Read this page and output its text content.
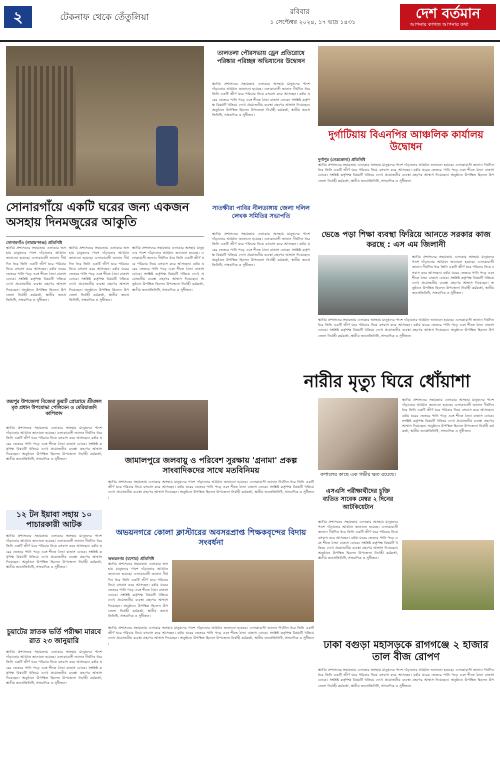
২	টেকনাফ থেকে তেঁতুলিয়া
রবিবার
১ সেপ্টেম্বর ২০২৪, ১৭ ভাদ্র ১৪৩১
দেশ বর্তমান
আপনার কাগজ আপনার কথা
সোনারগাঁয়ে একটি ঘরের জন্য একজন অসহায় দিনমজুরের আকুতি
সোনারগাঁও (নারায়ণগঞ্জ) প্রতিনিধি
স্থানীয় প্রশাসনের সহায়তায় এলাকার অসহায় মানুষদের পাশে দাঁড়ানোর আহ্বান জানানো হয়েছে। এলাকাবাসী জানান দীর্ঘদিন ধরে তিনি একটি জীর্ণ ঘরে পরিবার নিয়ে বসবাস করে আসছেন। বর্ষায় ঘরের ভেতরে পানি পড়ে এবং শীতে ঠান্ডা বাতাস ঢোকে। সংশ্লিষ্ট কর্তৃপক্ষ বিষয়টি খতিয়ে দেখে প্রয়োজনীয় ব্যবস্থা গ্রহণের আশ্বাস দিয়েছেন। অনুষ্ঠানে উপস্থিত ছিলেন উপজেলা নির্বাহী কর্মকর্তা, স্থানীয় জনপ্রতিনিধি, সাংবাদিক ও সুধীজন।
স্থানীয় প্রশাসনের সহায়তায় এলাকার অসহায় মানুষদের পাশে দাঁড়ানোর আহ্বান জানানো হয়েছে। এলাকাবাসী জানান দীর্ঘদিন ধরে তিনি একটি জীর্ণ ঘরে পরিবার নিয়ে বসবাস করে আসছেন। বর্ষায় ঘরের ভেতরে পানি পড়ে এবং শীতে ঠান্ডা বাতাস ঢোকে। সংশ্লিষ্ট কর্তৃপক্ষ বিষয়টি খতিয়ে দেখে প্রয়োজনীয় ব্যবস্থা গ্রহণের আশ্বাস দিয়েছেন। অনুষ্ঠানে উপস্থিত ছিলেন উপজেলা নির্বাহী কর্মকর্তা, স্থানীয় জনপ্রতিনিধি, সাংবাদিক ও সুধীজন।
স্থানীয় প্রশাসনের সহায়তায় এলাকার অসহায় মানুষদের পাশে দাঁড়ানোর আহ্বান জানানো হয়েছে। এলাকাবাসী জানান দীর্ঘদিন ধরে তিনি একটি জীর্ণ ঘরে পরিবার নিয়ে বসবাস করে আসছেন। বর্ষায় ঘরের ভেতরে পানি পড়ে এবং শীতে ঠান্ডা বাতাস ঢোকে। সংশ্লিষ্ট কর্তৃপক্ষ বিষয়টি খতিয়ে দেখে প্রয়োজনীয় ব্যবস্থা গ্রহণের আশ্বাস দিয়েছেন। অনুষ্ঠানে উপস্থিত ছিলেন উপজেলা নির্বাহী কর্মকর্তা, স্থানীয় জনপ্রতিনিধি, সাংবাদিক ও সুধীজন।
তালতলা পৌরসভায় ড্রেন প্রতিরোধে পরিষ্কার পরিচ্ছন্ন অভিযানের উদ্বোধন
স্থানীয় প্রশাসনের সহায়তায় এলাকার অসহায় মানুষদের পাশে দাঁড়ানোর আহ্বান জানানো হয়েছে। এলাকাবাসী জানান দীর্ঘদিন ধরে তিনি একটি জীর্ণ ঘরে পরিবার নিয়ে বসবাস করে আসছেন। বর্ষায় ঘরের ভেতরে পানি পড়ে এবং শীতে ঠান্ডা বাতাস ঢোকে। সংশ্লিষ্ট কর্তৃপক্ষ বিষয়টি খতিয়ে দেখে প্রয়োজনীয় ব্যবস্থা গ্রহণের আশ্বাস দিয়েছেন। অনুষ্ঠানে উপস্থিত ছিলেন উপজেলা নির্বাহী কর্মকর্তা, স্থানীয় জনপ্রতিনিধি, সাংবাদিক ও সুধীজন।
দুর্গাটিয়ায় বিএনপির আঞ্চলিক কার্যালয় উদ্বোধন
দুর্গাপুর (নেত্রকোনা) প্রতিনিধি
স্থানীয় প্রশাসনের সহায়তায় এলাকার অসহায় মানুষদের পাশে দাঁড়ানোর আহ্বান জানানো হয়েছে। এলাকাবাসী জানান দীর্ঘদিন ধরে তিনি একটি জীর্ণ ঘরে পরিবার নিয়ে বসবাস করে আসছেন। বর্ষায় ঘরের ভেতরে পানি পড়ে এবং শীতে ঠান্ডা বাতাস ঢোকে। সংশ্লিষ্ট কর্তৃপক্ষ বিষয়টি খতিয়ে দেখে প্রয়োজনীয় ব্যবস্থা গ্রহণের আশ্বাস দিয়েছেন। অনুষ্ঠানে উপস্থিত ছিলেন উপজেলা নির্বাহী কর্মকর্তা, স্থানীয় জনপ্রতিনিধি, সাংবাদিক ও সুধীজন।
সাতক্ষীরা পাবির নীলডাঙ্গায় জেলা দলিল লেখক সমিতির সভাপতি
স্থানীয় প্রশাসনের সহায়তায় এলাকার অসহায় মানুষদের পাশে দাঁড়ানোর আহ্বান জানানো হয়েছে। এলাকাবাসী জানান দীর্ঘদিন ধরে তিনি একটি জীর্ণ ঘরে পরিবার নিয়ে বসবাস করে আসছেন। বর্ষায় ঘরের ভেতরে পানি পড়ে এবং শীতে ঠান্ডা বাতাস ঢোকে। সংশ্লিষ্ট কর্তৃপক্ষ বিষয়টি খতিয়ে দেখে প্রয়োজনীয় ব্যবস্থা গ্রহণের আশ্বাস দিয়েছেন। অনুষ্ঠানে উপস্থিত ছিলেন উপজেলা নির্বাহী কর্মকর্তা, স্থানীয় জনপ্রতিনিধি, সাংবাদিক ও সুধীজন।
ভেঙে পড়া শিক্ষা ব্যবস্থা ফিরিয়ে আনতে সরকার কাজ করছে : এস এম জিলানী
স্থানীয় প্রশাসনের সহায়তায় এলাকার অসহায় মানুষদের পাশে দাঁড়ানোর আহ্বান জানানো হয়েছে। এলাকাবাসী জানান দীর্ঘদিন ধরে তিনি একটি জীর্ণ ঘরে পরিবার নিয়ে বসবাস করে আসছেন। বর্ষায় ঘরের ভেতরে পানি পড়ে এবং শীতে ঠান্ডা বাতাস ঢোকে। সংশ্লিষ্ট কর্তৃপক্ষ বিষয়টি খতিয়ে দেখে প্রয়োজনীয় ব্যবস্থা গ্রহণের আশ্বাস দিয়েছেন। অনুষ্ঠানে উপস্থিত ছিলেন উপজেলা নির্বাহী কর্মকর্তা, স্থানীয় জনপ্রতিনিধি, সাংবাদিক ও সুধীজন।
স্থানীয় প্রশাসনের সহায়তায় এলাকার অসহায় মানুষদের পাশে দাঁড়ানোর আহ্বান জানানো হয়েছে। এলাকাবাসী জানান দীর্ঘদিন ধরে তিনি একটি জীর্ণ ঘরে পরিবার নিয়ে বসবাস করে আসছেন। বর্ষায় ঘরের ভেতরে পানি পড়ে এবং শীতে ঠান্ডা বাতাস ঢোকে। সংশ্লিষ্ট কর্তৃপক্ষ বিষয়টি খতিয়ে দেখে প্রয়োজনীয় ব্যবস্থা গ্রহণের আশ্বাস দিয়েছেন। অনুষ্ঠানে উপস্থিত ছিলেন উপজেলা নির্বাহী কর্মকর্তা, স্থানীয় জনপ্রতিনিধি, সাংবাদিক ও সুধীজন।
নারীর মৃত্যু ঘিরে ধোঁয়াশা
স্থানীয় প্রশাসনের সহায়তায় এলাকার অসহায় মানুষদের পাশে দাঁড়ানোর আহ্বান জানানো হয়েছে। এলাকাবাসী জানান দীর্ঘদিন ধরে তিনি একটি জীর্ণ ঘরে পরিবার নিয়ে বসবাস করে আসছেন। বর্ষায় ঘরের ভেতরে পানি পড়ে এবং শীতে ঠান্ডা বাতাস ঢোকে। সংশ্লিষ্ট কর্তৃপক্ষ বিষয়টি খতিয়ে দেখে প্রয়োজনীয় ব্যবস্থা গ্রহণের আশ্বাস দিয়েছেন। অনুষ্ঠানে উপস্থিত ছিলেন উপজেলা নির্বাহী কর্মকর্তা, স্থানীয় জনপ্রতিনিধি, সাংবাদিক ও সুধীজন।
কপালের কাছে এক গভীর ক্ষত রয়েছে।
জয়পুর উপজেলা বিজেমা ডুয়ার্ট প্রোগ্রামে শ্রীমঙ্গল মৃত প্রধান উপযোদ্ধা পেলিমেন ও মেরিয়াগুদি কাপিতাদ
স্থানীয় প্রশাসনের সহায়তায় এলাকার অসহায় মানুষদের পাশে দাঁড়ানোর আহ্বান জানানো হয়েছে। এলাকাবাসী জানান দীর্ঘদিন ধরে তিনি একটি জীর্ণ ঘরে পরিবার নিয়ে বসবাস করে আসছেন। বর্ষায় ঘরের ভেতরে পানি পড়ে এবং শীতে ঠান্ডা বাতাস ঢোকে। সংশ্লিষ্ট কর্তৃপক্ষ বিষয়টি খতিয়ে দেখে প্রয়োজনীয় ব্যবস্থা গ্রহণের আশ্বাস দিয়েছেন। অনুষ্ঠানে উপস্থিত ছিলেন উপজেলা নির্বাহী কর্মকর্তা, স্থানীয় জনপ্রতিনিধি, সাংবাদিক ও সুধীজন।	জামালপুরে জলবায়ু ও পরিবেশ সুরক্ষায় 'গ্রনামা' প্রকল্প সাংবাদিকদের সাথে মতবিনিময়
স্থানীয় প্রশাসনের সহায়তায় এলাকার অসহায় মানুষদের পাশে দাঁড়ানোর আহ্বান জানানো হয়েছে। এলাকাবাসী জানান দীর্ঘদিন ধরে তিনি একটি জীর্ণ ঘরে পরিবার নিয়ে বসবাস করে আসছেন। বর্ষায় ঘরের ভেতরে পানি পড়ে এবং শীতে ঠান্ডা বাতাস ঢোকে। সংশ্লিষ্ট কর্তৃপক্ষ বিষয়টি খতিয়ে দেখে প্রয়োজনীয় ব্যবস্থা গ্রহণের আশ্বাস দিয়েছেন। অনুষ্ঠানে উপস্থিত ছিলেন উপজেলা নির্বাহী কর্মকর্তা, স্থানীয় জনপ্রতিনিধি, সাংবাদিক ও সুধীজন।
১২ টন ইয়াবা সহায় ১০ পাচারকারী আটক
স্থানীয় প্রশাসনের সহায়তায় এলাকার অসহায় মানুষদের পাশে দাঁড়ানোর আহ্বান জানানো হয়েছে। এলাকাবাসী জানান দীর্ঘদিন ধরে তিনি একটি জীর্ণ ঘরে পরিবার নিয়ে বসবাস করে আসছেন। বর্ষায় ঘরের ভেতরে পানি পড়ে এবং শীতে ঠান্ডা বাতাস ঢোকে। সংশ্লিষ্ট কর্তৃপক্ষ বিষয়টি খতিয়ে দেখে প্রয়োজনীয় ব্যবস্থা গ্রহণের আশ্বাস দিয়েছেন। অনুষ্ঠানে উপস্থিত ছিলেন উপজেলা নির্বাহী কর্মকর্তা, স্থানীয় জনপ্রতিনিধি, সাংবাদিক ও সুধীজন।
অভয়নগরে কোলা ক্লাস্টারের অবসরপ্রাপ্ত শিক্ষকবৃন্দের বিদায় সংবর্ধনা
অভয়নগর (যশোর) প্রতিনিধি
স্থানীয় প্রশাসনের সহায়তায় এলাকার অসহায় মানুষদের পাশে দাঁড়ানোর আহ্বান জানানো হয়েছে। এলাকাবাসী জানান দীর্ঘদিন ধরে তিনি একটি জীর্ণ ঘরে পরিবার নিয়ে বসবাস করে আসছেন। বর্ষায় ঘরের ভেতরে পানি পড়ে এবং শীতে ঠান্ডা বাতাস ঢোকে। সংশ্লিষ্ট কর্তৃপক্ষ বিষয়টি খতিয়ে দেখে প্রয়োজনীয় ব্যবস্থা গ্রহণের আশ্বাস দিয়েছেন। অনুষ্ঠানে উপস্থিত ছিলেন উপজেলা নির্বাহী কর্মকর্তা, স্থানীয় জনপ্রতিনিধি, সাংবাদিক ও সুধীজন।
স্থানীয় প্রশাসনের সহায়তায় এলাকার অসহায় মানুষদের পাশে দাঁড়ানোর আহ্বান জানানো হয়েছে। এলাকাবাসী জানান দীর্ঘদিন ধরে তিনি একটি জীর্ণ ঘরে পরিবার নিয়ে বসবাস করে আসছেন। বর্ষায় ঘরের ভেতরে পানি পড়ে এবং শীতে ঠান্ডা বাতাস ঢোকে। সংশ্লিষ্ট কর্তৃপক্ষ বিষয়টি খতিয়ে দেখে প্রয়োজনীয় ব্যবস্থা গ্রহণের আশ্বাস দিয়েছেন। অনুষ্ঠানে উপস্থিত ছিলেন উপজেলা নির্বাহী কর্মকর্তা, স্থানীয় জনপ্রতিনিধি, সাংবাদিক ও সুধীজন।
চুয়াটের স্নাতক ভর্তি পরীক্ষা মারবে রাত ২৩ জানুয়ারি
স্থানীয় প্রশাসনের সহায়তায় এলাকার অসহায় মানুষদের পাশে দাঁড়ানোর আহ্বান জানানো হয়েছে। এলাকাবাসী জানান দীর্ঘদিন ধরে তিনি একটি জীর্ণ ঘরে পরিবার নিয়ে বসবাস করে আসছেন। বর্ষায় ঘরের ভেতরে পানি পড়ে এবং শীতে ঠান্ডা বাতাস ঢোকে। সংশ্লিষ্ট কর্তৃপক্ষ বিষয়টি খতিয়ে দেখে প্রয়োজনীয় ব্যবস্থা গ্রহণের আশ্বাস দিয়েছেন। অনুষ্ঠানে উপস্থিত ছিলেন উপজেলা নির্বাহী কর্মকর্তা, স্থানীয় জনপ্রতিনিধি, সাংবাদিক ও সুধীজন।
এসএসি পরীক্ষার্থীদের চুক্তি ব্যতিত সাবেক মেম্বর ২ দিনের আটকিয়েটান
স্থানীয় প্রশাসনের সহায়তায় এলাকার অসহায় মানুষদের পাশে দাঁড়ানোর আহ্বান জানানো হয়েছে। এলাকাবাসী জানান দীর্ঘদিন ধরে তিনি একটি জীর্ণ ঘরে পরিবার নিয়ে বসবাস করে আসছেন। বর্ষায় ঘরের ভেতরে পানি পড়ে এবং শীতে ঠান্ডা বাতাস ঢোকে। সংশ্লিষ্ট কর্তৃপক্ষ বিষয়টি খতিয়ে দেখে প্রয়োজনীয় ব্যবস্থা গ্রহণের আশ্বাস দিয়েছেন। অনুষ্ঠানে উপস্থিত ছিলেন উপজেলা নির্বাহী কর্মকর্তা, স্থানীয় জনপ্রতিনিধি, সাংবাদিক ও সুধীজন।
ঢাকা বগুড়া মহাসড়কে রাগগঞ্জে ২ হাজার তাল বীজ রোপণ
স্থানীয় প্রশাসনের সহায়তায় এলাকার অসহায় মানুষদের পাশে দাঁড়ানোর আহ্বান জানানো হয়েছে। এলাকাবাসী জানান দীর্ঘদিন ধরে তিনি একটি জীর্ণ ঘরে পরিবার নিয়ে বসবাস করে আসছেন। বর্ষায় ঘরের ভেতরে পানি পড়ে এবং শীতে ঠান্ডা বাতাস ঢোকে। সংশ্লিষ্ট কর্তৃপক্ষ বিষয়টি খতিয়ে দেখে প্রয়োজনীয় ব্যবস্থা গ্রহণের আশ্বাস দিয়েছেন। অনুষ্ঠানে উপস্থিত ছিলেন উপজেলা নির্বাহী কর্মকর্তা, স্থানীয় জনপ্রতিনিধি, সাংবাদিক ও সুধীজন।
